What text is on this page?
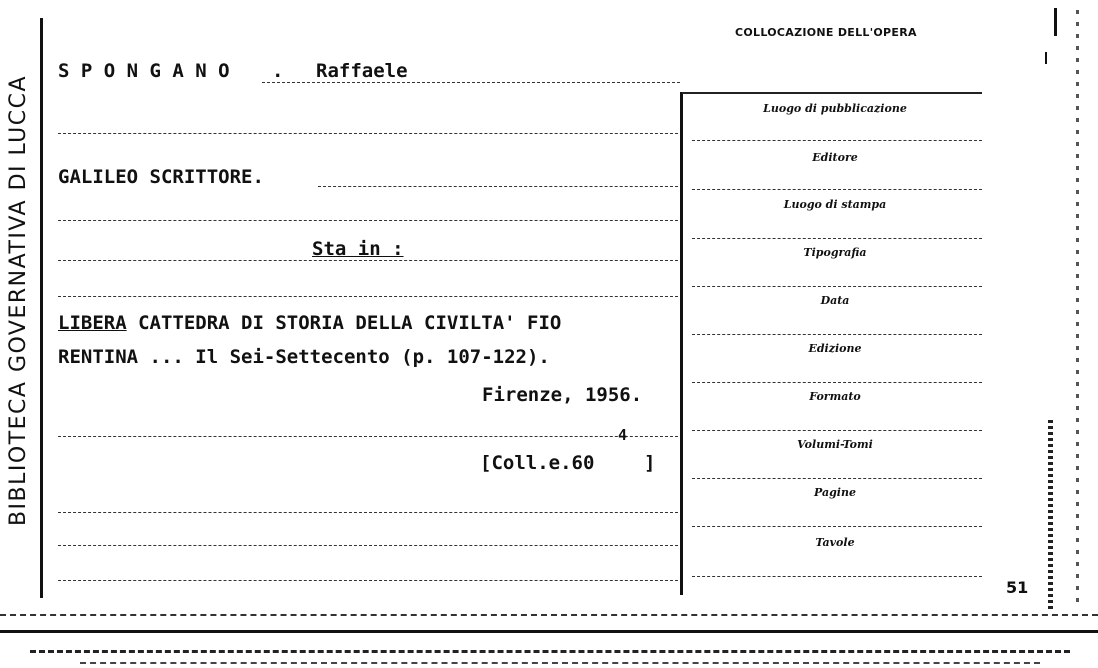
BIBLIOTECA GOVERNATIVA DI LUCCA
COLLOCAZIONE DELL'OPERA
Luogo di pubblicazione
Editore
Luogo di stampa
Tipografia
Data
Edizione
Formato
Volumi-Tomi
Pagine
Tavole
S P O N G A N O . Raffaele
GALILEO SCRITTORE.
Sta in :
LIBERA CATTEDRA DI STORIA DELLA CIVILTA' FIO
RENTINA ... Il Sei-Settecento (p. 107-122).
Firenze, 1956.
[Coll.e.60
4
]
51
